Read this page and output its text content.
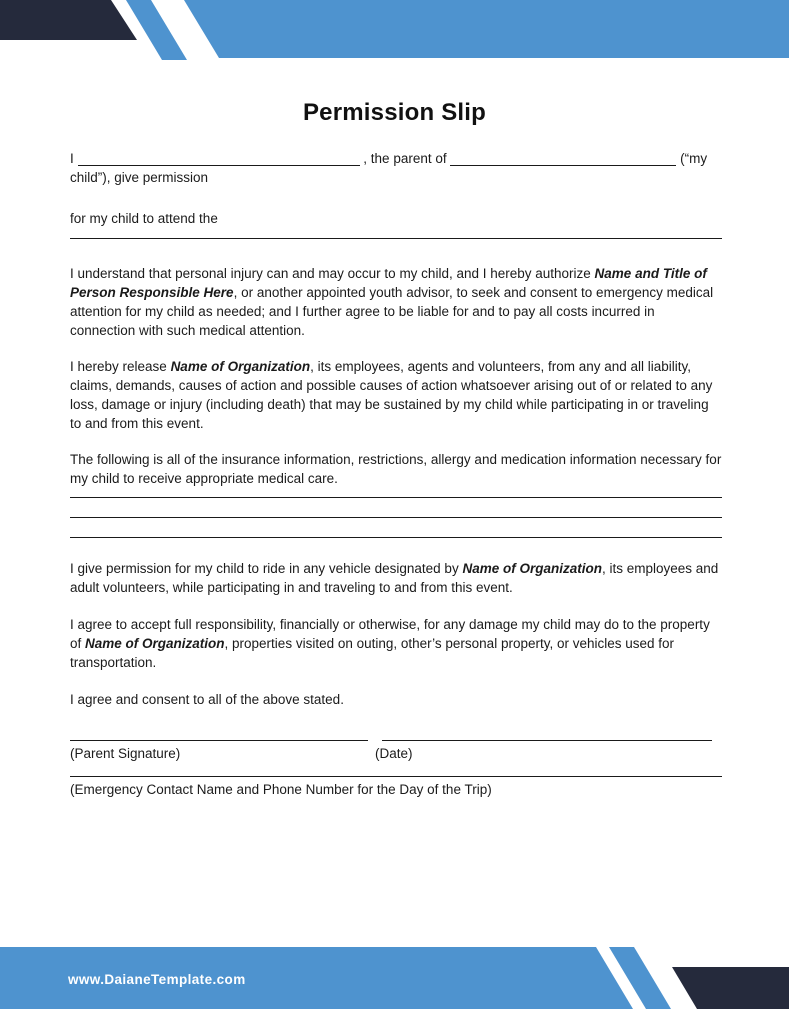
Permission Slip

I	, the parent of	(“my
child”), give permission

for my child to attend the

I understand that personal injury can and may occur to my child, and I hereby authorize Name and Title of Person Responsible Here, or another appointed youth advisor, to seek and consent to emergency medical attention for my child as needed; and I further agree to be liable for and to pay all costs incurred in connection with such medical attention.

I hereby release Name of Organization, its employees, agents and volunteers, from any and all liability, claims, demands, causes of action and possible causes of action whatsoever arising out of or related to any loss, damage or injury (including death) that may be sustained by my child while participating in or traveling to and from this event.

The following is all of the insurance information, restrictions, allergy and medication information necessary for my child to receive appropriate medical care.

I give permission for my child to ride in any vehicle designated by Name of Organization, its employees and adult volunteers, while participating in and traveling to and from this event.

I agree to accept full responsibility, financially or otherwise, for any damage my child may do to the property of Name of Organization, properties visited on outing, other’s personal property, or vehicles used for transportation.

I agree and consent to all of the above stated.

(Parent Signature)	(Date)
(Emergency Contact Name and Phone Number for the Day of the Trip)
www.DaianeTemplate.com
